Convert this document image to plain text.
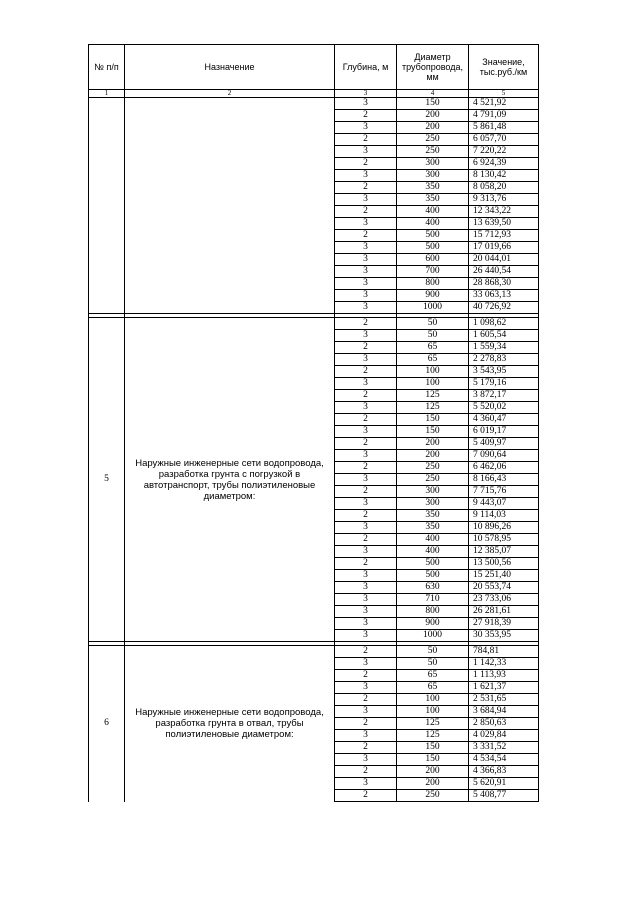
№ п/п	Назначение	Глубина, м	Диаметр трубопровода, мм	Значение, тыс.руб./км
1	2	3	4	5
		3	150	4 521,92
		2	200	4 791,09
		3	200	5 861,48
		2	250	6 057,70
		3	250	7 220,22
		2	300	6 924,39
		3	300	8 130,42
		2	350	8 058,20
		3	350	9 313,76
		2	400	12 343,22
		3	400	13 639,50
		2	500	15 712,93
		3	500	17 019,66
		3	600	20 044,01
		3	700	26 440,54
		3	800	28 868,30
		3	900	33 063,13
		3	1000	40 726,92

5	Наружные инженерные сети водопровода, разработка грунта с погрузкой в автотранспорт, трубы полиэтиленовые диаметром:	2	50	1 098,62
		3	50	1 605,54
		2	65	1 559,34
		3	65	2 278,83
		2	100	3 543,95
		3	100	5 179,16
		2	125	3 872,17
		3	125	5 520,02
		2	150	4 360,47
		3	150	6 019,17
		2	200	5 409,97
		3	200	7 090,64
		2	250	6 462,06
		3	250	8 166,43
		2	300	7 715,76
		3	300	9 443,07
		2	350	9 114,03
		3	350	10 896,26
		2	400	10 578,95
		3	400	12 385,07
		2	500	13 500,56
		3	500	15 251,40
		3	630	20 553,74
		3	710	23 733,06
		3	800	26 281,61
		3	900	27 918,39
		3	1000	30 353,95

6	Наружные инженерные сети водопровода, разработка грунта в отвал, трубы полиэтиленовые диаметром:	2	50	784,81
		3	50	1 142,33
		2	65	1 113,93
		3	65	1 621,37
		2	100	2 531,65
		3	100	3 684,94
		2	125	2 850,63
		3	125	4 029,84
		2	150	3 331,52
		3	150	4 534,54
		2	200	4 366,83
		3	200	5 620,91
		2	250	5 408,77
